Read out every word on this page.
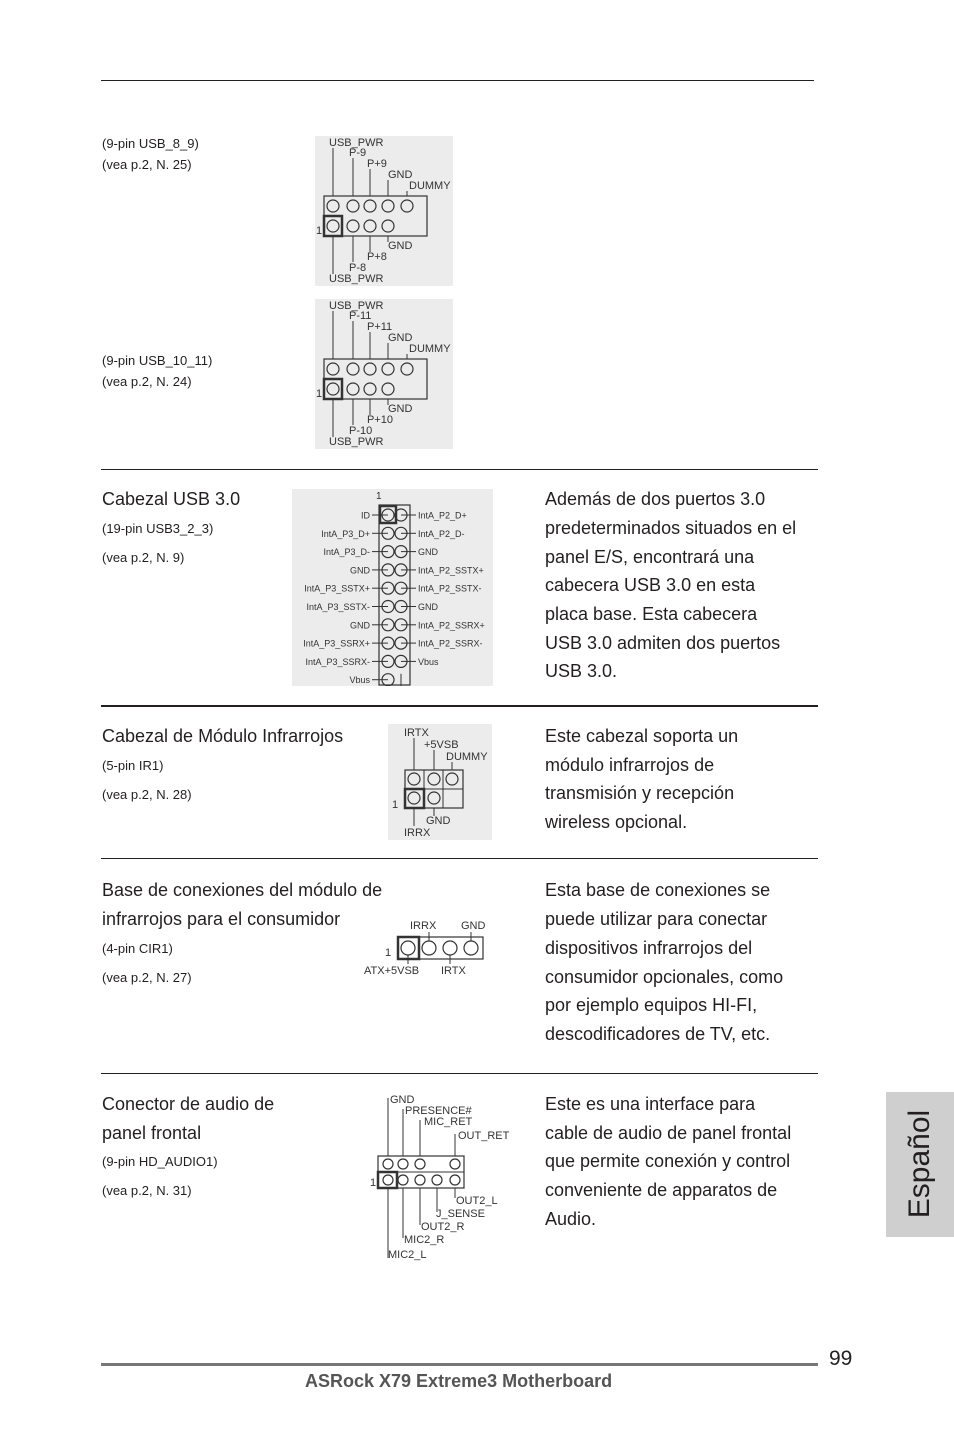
(9-pin USB_8_9)
(vea p.2, N. 25)
USB_PWR
P-9
P+9
GND
DUMMY
1
GND
P+8
P-8
USB_PWR
(9-pin USB_10_11)
(vea p.2, N. 24)
USB_PWR
P-11
P+11
GND
DUMMY
1
GND
P+10
P-10
USB_PWR
Cabezal USB 3.0
(19-pin USB3_2_3)
(vea p.2, N. 9)
1
ID
IntA_P3_D+
IntA_P3_D-
GND
IntA_P3_SSTX+
IntA_P3_SSTX-
GND
IntA_P3_SSRX+
IntA_P3_SSRX-
Vbus
IntA_P2_D+
IntA_P2_D-
GND
IntA_P2_SSTX+
IntA_P2_SSTX-
GND
IntA_P2_SSRX+
IntA_P2_SSRX-
Vbus
Además de dos puertos 3.0
predeterminados situados en el
panel E/S, encontrará una
cabecera USB 3.0 en esta
placa base. Esta cabecera
USB 3.0 admiten dos puertos
USB 3.0.
Cabezal de Módulo Infrarrojos
(5-pin IR1)
(vea p.2, N. 28)
IRTX
+5VSB
DUMMY
1
GND
IRRX
Este cabezal soporta un
módulo infrarrojos de
transmisión y recepción
wireless opcional.
Base de conexiones del módulo de
infrarrojos para el consumidor
(4-pin CIR1)
(vea p.2, N. 27)
IRRX GND
1
ATX+5VSB IRTX
Esta base de conexiones se
puede utilizar para conectar
dispositivos infrarrojos del
consumidor opcionales, como
por ejemplo equipos HI-FI,
descodificadores de TV, etc.
Conector de audio de
panel frontal
(9-pin HD_AUDIO1)
(vea p.2, N. 31)
GND
PRESENCE#
MIC_RET
OUT_RET
1
OUT2_L
J_SENSE
OUT2_R
MIC2_R
MIC2_L
Este es una interface para
cable de audio de panel frontal
que permite conexión y control
conveniente de apparatos de
Audio.
Español
99
ASRock X79 Extreme3 Motherboard
